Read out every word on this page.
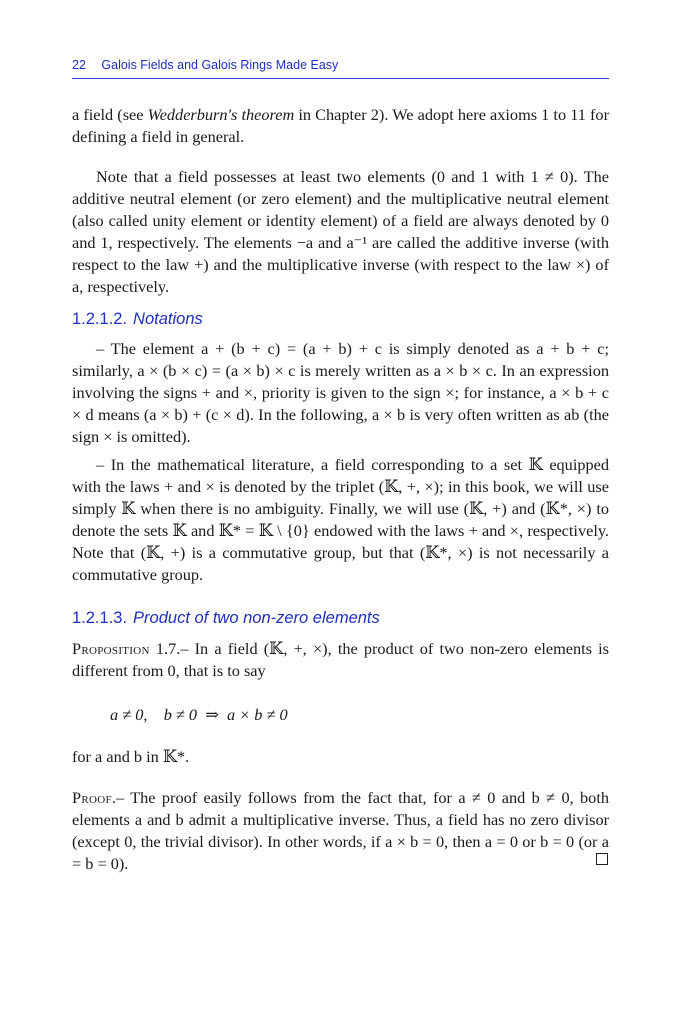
22 Galois Fields and Galois Rings Made Easy

a field (see Wedderburn's theorem in Chapter 2). We adopt here axioms 1 to 11 for defining a field in general.

Note that a field possesses at least two elements (0 and 1 with 1 ≠ 0). The additive neutral element (or zero element) and the multiplicative neutral element (also called unity element or identity element) of a field are always denoted by 0 and 1, respectively. The elements −a and a⁻¹ are called the additive inverse (with respect to the law +) and the multiplicative inverse (with respect to the law ×) of a, respectively.

1.2.1.2. Notations

– The element a + (b + c) = (a + b) + c is simply denoted as a + b + c; similarly, a × (b × c) = (a × b) × c is merely written as a × b × c. In an expression involving the signs + and ×, priority is given to the sign ×; for instance, a × b + c × d means (a × b) + (c × d). In the following, a × b is very often written as ab (the sign × is omitted).

– In the mathematical literature, a field corresponding to a set 𝕂 equipped with the laws + and × is denoted by the triplet (𝕂, +, ×); in this book, we will use simply 𝕂 when there is no ambiguity. Finally, we will use (𝕂, +) and (𝕂*, ×) to denote the sets 𝕂 and 𝕂* = 𝕂 \ {0} endowed with the laws + and ×, respectively. Note that (𝕂, +) is a commutative group, but that (𝕂*, ×) is not necessarily a commutative group.

1.2.1.3. Product of two non-zero elements

Proposition 1.7.– In a field (𝕂, +, ×), the product of two non-zero elements is different from 0, that is to say

a ≠ 0,    b ≠ 0  ⇒  a × b ≠ 0

for a and b in 𝕂*.

Proof.– The proof easily follows from the fact that, for a ≠ 0 and b ≠ 0, both elements a and b admit a multiplicative inverse. Thus, a field has no zero divisor (except 0, the trivial divisor). In other words, if a × b = 0, then a = 0 or b = 0 (or a = b = 0).
